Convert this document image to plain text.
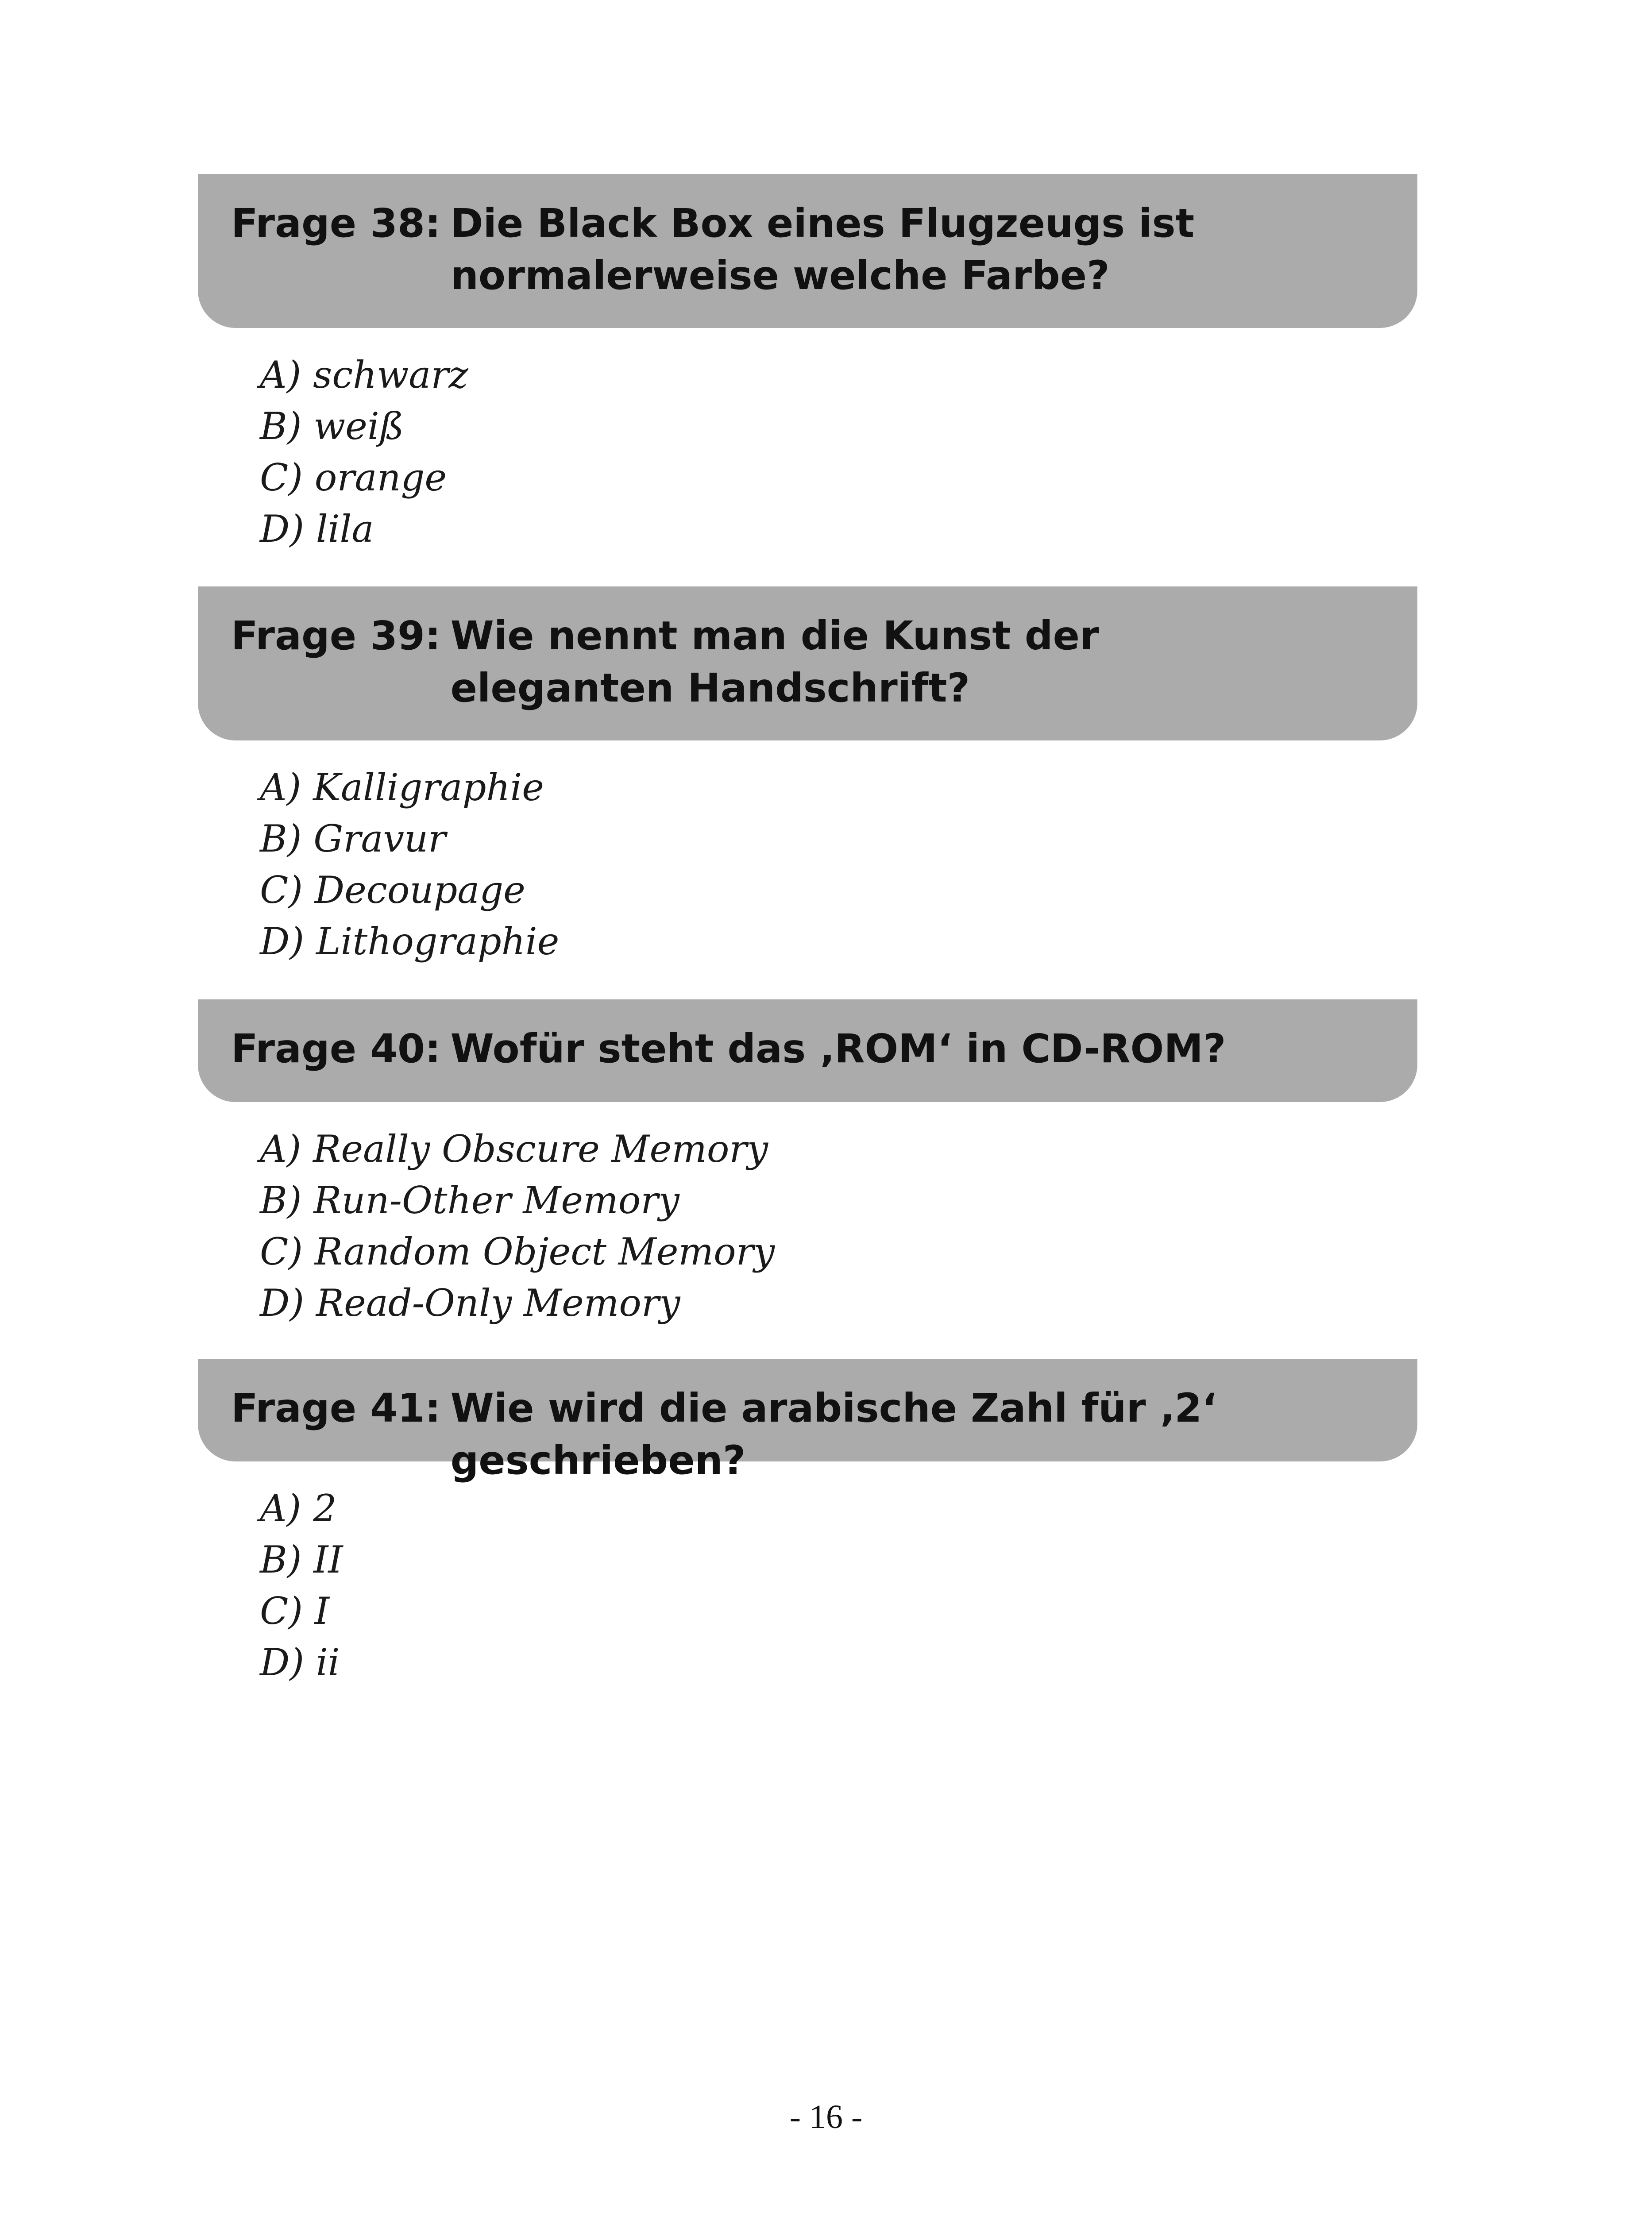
Frage 38: Die Black Box eines Flugzeugs ist normalerweise welche Farbe?
A) schwarz
B) weiß
C) orange
D) lila
Frage 39: Wie nennt man die Kunst der eleganten Handschrift?
A) Kalligraphie
B) Gravur
C) Decoupage
D) Lithographie
Frage 40: Wofür steht das ‚ROM‘ in CD-ROM?
A) Really Obscure Memory
B) Run-Other Memory
C) Random Object Memory
D) Read-Only Memory
Frage 41: Wie wird die arabische Zahl für ‚2‘ geschrieben?
A) 2
B) II
C) I
D) ii
- 16 -
